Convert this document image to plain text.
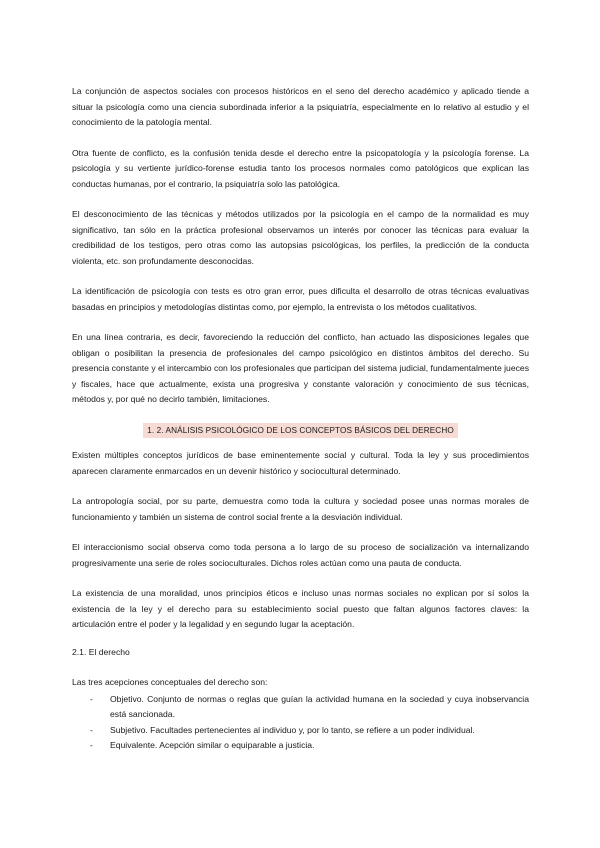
La conjunción de aspectos sociales con procesos históricos en el seno del derecho académico y aplicado tiende a situar la psicología como una ciencia subordinada inferior a la psiquiatría, especialmente en lo relativo al estudio y el conocimiento de la patología mental.

Otra fuente de conflicto, es la confusión tenida desde el derecho entre la psicopatología y la psicología forense. La psicología y su vertiente jurídico-forense estudia tanto los procesos normales como patológicos que explican las conductas humanas, por el contrario, la psiquiatría solo las patológica.

El desconocimiento de las técnicas y métodos utilizados por la psicología en el campo de la normalidad es muy significativo, tan sólo en la práctica profesional observamos un interés por conocer las técnicas para evaluar la credibilidad de los testigos, pero otras como las autopsias psicológicas, los perfiles, la predicción de la conducta violenta, etc. son profundamente desconocidas.

La identificación de psicología con tests es otro gran error, pues dificulta el desarrollo de otras técnicas evaluativas basadas en principios y metodologías distintas como, por ejemplo, la entrevista o los métodos cualitativos.

En una línea contraria, es decir, favoreciendo la reducción del conflicto, han actuado las disposiciones legales que obligan o posibilitan la presencia de profesionales del campo psicológico en distintos ámbitos del derecho. Su presencia constante y el intercambio con los profesionales que participan del sistema judicial, fundamentalmente jueces y fiscales, hace que actualmente, exista una progresiva y constante valoración y conocimiento de sus técnicas, métodos y, por qué no decirlo también, limitaciones.

1. 2. ANÁLISIS PSICOLÓGICO DE LOS CONCEPTOS BÁSICOS DEL DERECHO

Existen múltiples conceptos jurídicos de base eminentemente social y cultural. Toda la ley y sus procedimientos aparecen claramente enmarcados en un devenir histórico y sociocultural determinado.

La antropología social, por su parte, demuestra como toda la cultura y sociedad posee unas normas morales de funcionamiento y también un sistema de control social frente a la desviación individual.

El interaccionismo social observa como toda persona a lo largo de su proceso de socialización va internalizando progresivamente una serie de roles socioculturales. Dichos roles actúan como una pauta de conducta.

La existencia de una moralidad, unos principios éticos e incluso unas normas sociales no explican por sí solos la existencia de la ley y el derecho para su establecimiento social puesto que faltan algunos factores claves: la articulación entre el poder y la legalidad y en segundo lugar la aceptación.

2.1. El derecho

Las tres acepciones conceptuales del derecho son:

- Objetivo. Conjunto de normas o reglas que guían la actividad humana en la sociedad y cuya inobservancia está sancionada.
- Subjetivo. Facultades pertenecientes al individuo y, por lo tanto, se refiere a un poder individual.
- Equivalente. Acepción similar o equiparable a justicia.
